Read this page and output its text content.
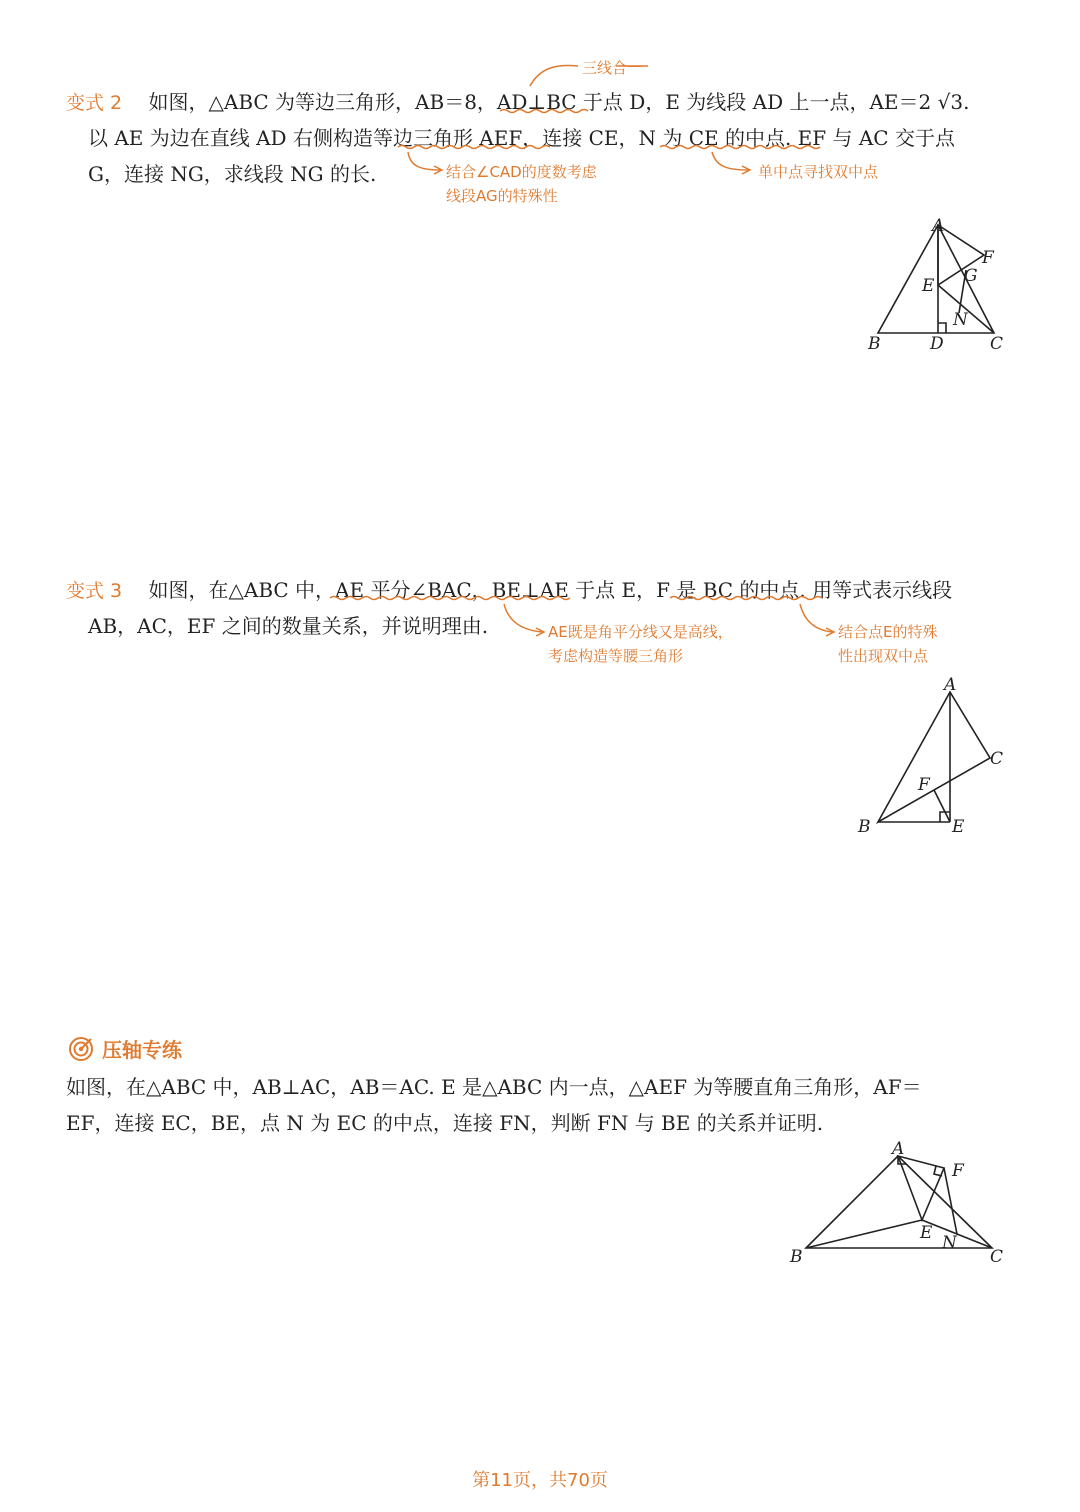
变式 2 如图，△ABC 为等边三角形，AB＝8，AD⊥BC 于点 D，E 为线段 AD 上一点，AE＝2 √3.
以 AE 为边在直线 AD 右侧构造等边三角形 AEF，连接 CE，N 为 CE 的中点. EF 与 AC 交于点
G，连接 NG，求线段 NG 的长.
三线合一
结合∠CAD的度数考虑
线段AG的特殊性
单中点寻找双中点
变式 3 如图，在△ABC 中，AE 平分∠BAC，BE⊥AE 于点 E，F 是 BC 的中点. 用等式表示线段
AB，AC，EF 之间的数量关系，并说明理由.	AE既是角平分线又是高线，
考虑构造等腰三角形
结合点E的特殊
性出现双中点
压轴专练
如图，在△ABC 中，AB⊥AC，AB＝AC. E 是△ABC 内一点，△AEF 为等腰直角三角形，AF＝
EF，连接 EC，BE，点 N 为 EC 的中点，连接 FN，判断 FN 与 BE 的关系并证明.
A
B	C
D
E
F
G
N
A
B
C
E
F
A
B	C
E
F
N
第11页，共70页
